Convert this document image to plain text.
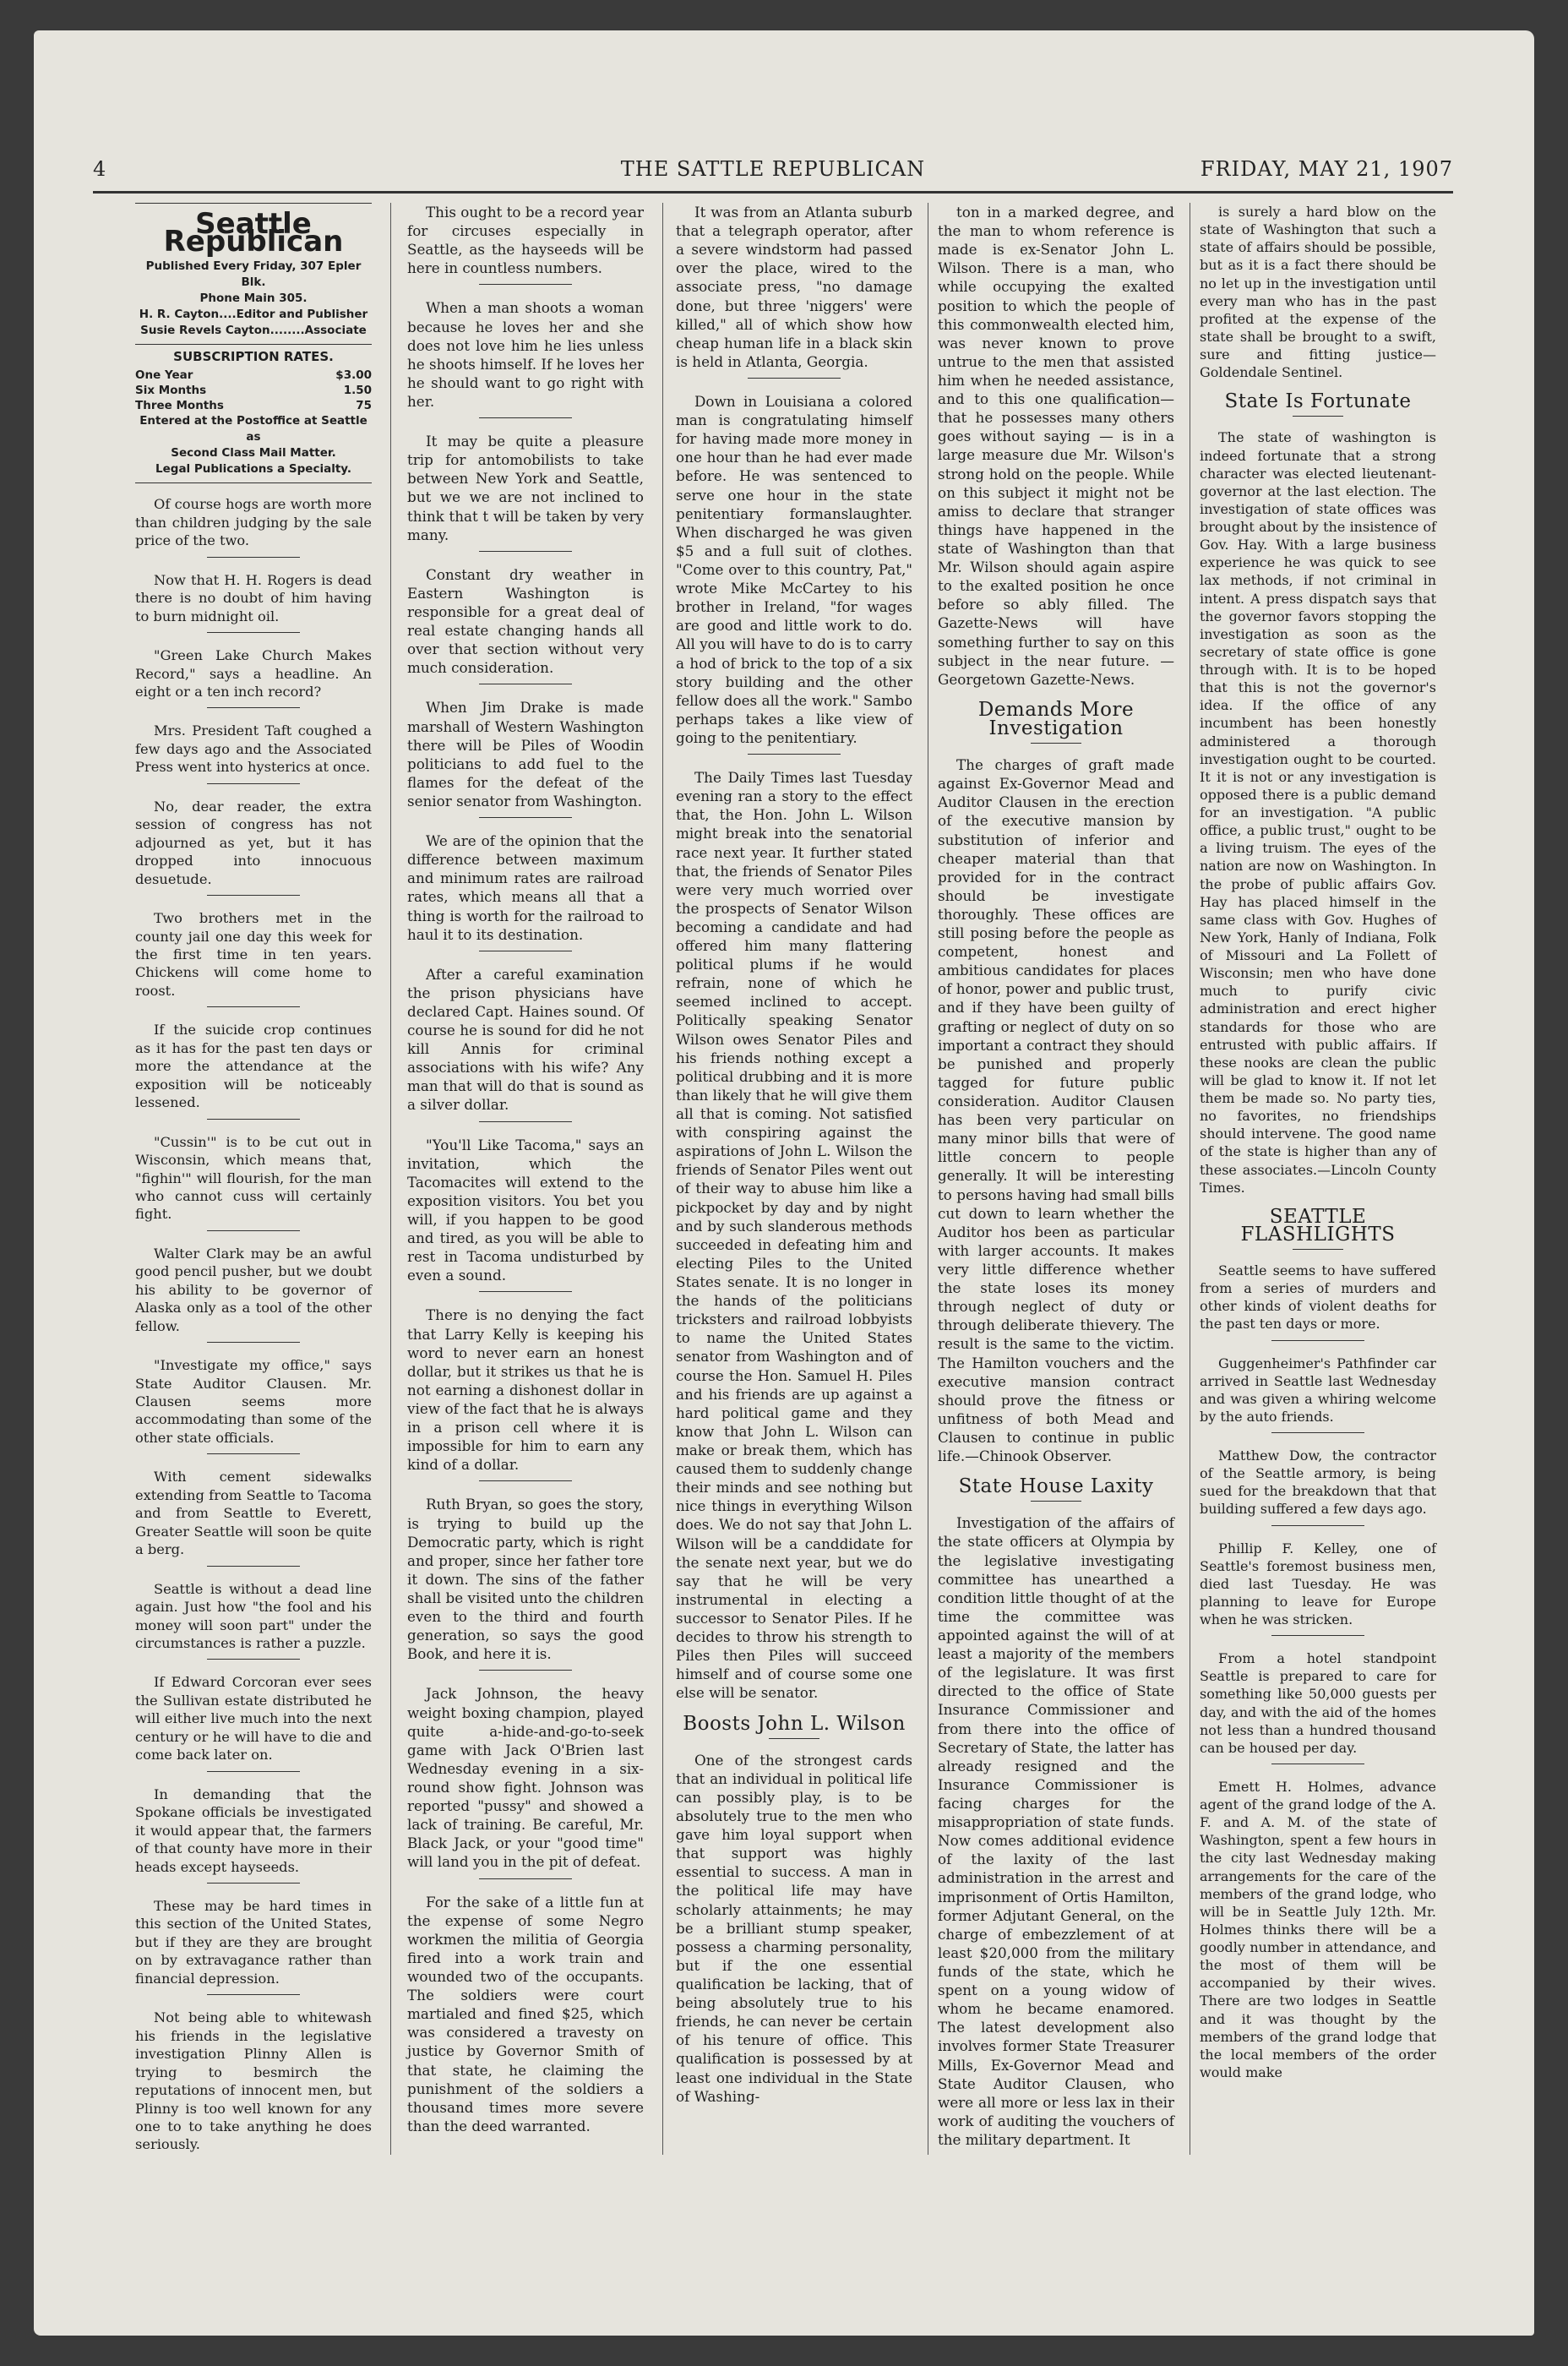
4	THE SATTLE REPUBLICAN	FRIDAY, MAY 21, 1907
Seattle Republican

Published Every Friday, 307 Epler Blk.

Phone Main 305.

H. R. Cayton....Editor and Publisher

Susie Revels Cayton........Associate

SUBSCRIPTION RATES.
One Year	$3.00
Six Months	1.50
Three Months	75

Entered at the Postoffice at Seattle as

Second Class Mail Matter.

Legal Publications a Specialty.

Of course hogs are worth more than children judging by the sale price of the two.

Now that H. H. Rogers is dead there is no doubt of him having to burn midnight oil.

"Green Lake Church Makes Record," says a headline. An eight or a ten inch record?

Mrs. President Taft coughed a few days ago and the Associated Press went into hysterics at once.

No, dear reader, the extra session of congress has not adjourned as yet, but it has dropped into innocuous desuetude.

Two brothers met in the county jail one day this week for the first time in ten years. Chickens will come home to roost.

If the suicide crop continues as it has for the past ten days or more the attendance at the exposition will be noticeably lessened.

"Cussin'" is to be cut out in Wisconsin, which means that, "fighin'" will flourish, for the man who cannot cuss will certainly fight.

Walter Clark may be an awful good pencil pusher, but we doubt his ability to be governor of Alaska only as a tool of the other fellow.

"Investigate my office," says State Auditor Clausen. Mr. Clausen seems more accommodating than some of the other state officials.

With cement sidewalks extending from Seattle to Tacoma and from Seattle to Everett, Greater Seattle will soon be quite a berg.

Seattle is without a dead line again. Just how "the fool and his money will soon part" under the circumstances is rather a puzzle.

If Edward Corcoran ever sees the Sullivan estate distributed he will either live much into the next century or he will have to die and come back later on.

In demanding that the Spokane officials be investigated it would appear that, the farmers of that county have more in their heads except hayseeds.

These may be hard times in this section of the United States, but if they are they are brought on by extravagance rather than financial depression.

Not being able to whitewash his friends in the legislative investigation Plinny Allen is trying to besmirch the reputations of innocent men, but Plinny is too well known for any one to to take anything he does seriously.

This ought to be a record year for circuses especially in Seattle, as the hayseeds will be here in countless numbers.

When a man shoots a woman because he loves her and she does not love him he lies unless he shoots himself. If he loves her he should want to go right with her.

It may be quite a pleasure trip for antomobilists to take between New York and Seattle, but we we are not inclined to think that t will be taken by very many.

Constant dry weather in Eastern Washington is responsible for a great deal of real estate changing hands all over that section without very much consideration.

When Jim Drake is made marshall of Western Washington there will be Piles of Woodin politicians to add fuel to the flames for the defeat of the senior senator from Washington.

We are of the opinion that the difference between maximum and minimum rates are railroad rates, which means all that a thing is worth for the railroad to haul it to its destination.

After a careful examination the prison physicians have declared Capt. Haines sound. Of course he is sound for did he not kill Annis for criminal associations with his wife? Any man that will do that is sound as a silver dollar.

"You'll Like Tacoma," says an invitation, which the Tacomacites will extend to the exposition visitors. You bet you will, if you happen to be good and tired, as you will be able to rest in Tacoma undisturbed by even a sound.

There is no denying the fact that Larry Kelly is keeping his word to never earn an honest dollar, but it strikes us that he is not earning a dishonest dollar in view of the fact that he is always in a prison cell where it is impossible for him to earn any kind of a dollar.

Ruth Bryan, so goes the story, is trying to build up the Democratic party, which is right and proper, since her father tore it down. The sins of the father shall be visited unto the children even to the third and fourth generation, so says the good Book, and here it is.

Jack Johnson, the heavy weight boxing champion, played quite a-hide-and-go-to-seek game with Jack O'Brien last Wednesday evening in a six-round show fight. Johnson was reported "pussy" and showed a lack of training. Be careful, Mr. Black Jack, or your "good time" will land you in the pit of defeat.

For the sake of a little fun at the expense of some Negro workmen the militia of Georgia fired into a work train and wounded two of the occupants. The soldiers were court martialed and fined $25, which was considered a travesty on justice by Governor Smith of that state, he claiming the punishment of the soldiers a thousand times more severe than the deed warranted.

It was from an Atlanta suburb that a telegraph operator, after a severe windstorm had passed over the place, wired to the associate press, "no damage done, but three 'niggers' were killed," all of which show how cheap human life in a black skin is held in Atlanta, Georgia.

Down in Louisiana a colored man is congratulating himself for having made more money in one hour than he had ever made before. He was sentenced to serve one hour in the state penitentiary formanslaughter. When discharged he was given $5 and a full suit of clothes. "Come over to this country, Pat," wrote Mike McCartey to his brother in Ireland, "for wages are good and little work to do. All you will have to do is to carry a hod of brick to the top of a six story building and the other fellow does all the work." Sambo perhaps takes a like view of going to the penitentiary.

The Daily Times last Tuesday evening ran a story to the effect that, the Hon. John L. Wilson might break into the senatorial race next year. It further stated that, the friends of Senator Piles were very much worried over the prospects of Senator Wilson becoming a candidate and had offered him many flattering political plums if he would refrain, none of which he seemed inclined to accept. Politically speaking Senator Wilson owes Senator Piles and his friends nothing except a political drubbing and it is more than likely that he will give them all that is coming. Not satisfied with conspiring against the aspirations of John L. Wilson the friends of Senator Piles went out of their way to abuse him like a pickpocket by day and by night and by such slanderous methods succeeded in defeating him and electing Piles to the United States senate. It is no longer in the hands of the politicians tricksters and railroad lobbyists to name the United States senator from Washington and of course the Hon. Samuel H. Piles and his friends are up against a hard political game and they know that John L. Wilson can make or break them, which has caused them to suddenly change their minds and see nothing but nice things in everything Wilson does. We do not say that John L. Wilson will be a canddidate for the senate next year, but we do say that he will be very instrumental in electing a successor to Senator Piles. If he decides to throw his strength to Piles then Piles will succeed himself and of course some one else will be senator.

Boosts John L. Wilson

One of the strongest cards that an individual in political life can possibly play, is to be absolutely true to the men who gave him loyal support when that support was highly essential to success. A man in the political life may have scholarly attainments; he may be a brilliant stump speaker, possess a charming personality, but if the one essential qualification be lacking, that of being absolutely true to his friends, he can never be certain of his tenure of office. This qualification is possessed by at least one individual in the State of Washing-

ton in a marked degree, and the man to whom reference is made is ex-Senator John L. Wilson. There is a man, who while occupying the exalted position to which the people of this commonwealth elected him, was never known to prove untrue to the men that assisted him when he needed assistance, and to this one qualification—that he possesses many others goes without saying — is in a large measure due Mr. Wilson's strong hold on the people. While on this subject it might not be amiss to declare that stranger things have happened in the state of Washington than that Mr. Wilson should again aspire to the exalted position he once before so ably filled. The Gazette-News will have something further to say on this subject in the near future. — Georgetown Gazette-News.

Demands More Investigation

The charges of graft made against Ex-Governor Mead and Auditor Clausen in the erection of the executive mansion by substitution of inferior and cheaper material than that provided for in the contract should be investigate thoroughly. These offices are still posing before the people as competent, honest and ambitious candidates for places of honor, power and public trust, and if they have been guilty of grafting or neglect of duty on so important a contract they should be punished and properly tagged for future public consideration. Auditor Clausen has been very particular on many minor bills that were of little concern to people generally. It will be interesting to persons having had small bills cut down to learn whether the Auditor hos been as particular with larger accounts. It makes very little difference whether the state loses its money through neglect of duty or through deliberate thievery. The result is the same to the victim. The Hamilton vouchers and the executive mansion contract should prove the fitness or unfitness of both Mead and Clausen to continue in public life.—Chinook Observer.

State House Laxity

Investigation of the affairs of the state officers at Olympia by the legislative investigating committee has unearthed a condition little thought of at the time the committee was appointed against the will of at least a majority of the members of the legislature. It was first directed to the office of State Insurance Commissioner and from there into the office of Secretary of State, the latter has already resigned and the Insurance Commissioner is facing charges for the misappropriation of state funds. Now comes additional evidence of the laxity of the last administration in the arrest and imprisonment of Ortis Hamilton, former Adjutant General, on the charge of embezzlement of at least $20,000 from the military funds of the state, which he spent on a young widow of whom he became enamored. The latest development also involves former State Treasurer Mills, Ex-Governor Mead and State Auditor Clausen, who were all more or less lax in their work of auditing the vouchers of the military department. It

is surely a hard blow on the state of Washington that such a state of affairs should be possible, but as it is a fact there should be no let up in the investigation until every man who has in the past profited at the expense of the state shall be brought to a swift, sure and fitting justice—Goldendale Sentinel.

State Is Fortunate

The state of washington is indeed fortunate that a strong character was elected lieutenant-governor at the last election. The investigation of state offices was brought about by the insistence of Gov. Hay. With a large business experience he was quick to see lax methods, if not criminal in intent. A press dispatch says that the governor favors stopping the investigation as soon as the secretary of state office is gone through with. It is to be hoped that this is not the governor's idea. If the office of any incumbent has been honestly administered a thorough investigation ought to be courted. It it is not or any investigation is opposed there is a public demand for an investigation. "A public office, a public trust," ought to be a living truism. The eyes of the nation are now on Washington. In the probe of public affairs Gov. Hay has placed himself in the same class with Gov. Hughes of New York, Hanly of Indiana, Folk of Missouri and La Follett of Wisconsin; men who have done much to purify civic administration and erect higher standards for those who are entrusted with public affairs. If these nooks are clean the public will be glad to know it. If not let them be made so. No party ties, no favorites, no friendships should intervene. The good name of the state is higher than any of these associates.—Lincoln County Times.

SEATTLE FLASHLIGHTS

Seattle seems to have suffered from a series of murders and other kinds of violent deaths for the past ten days or more.

Guggenheimer's Pathfinder car arrived in Seattle last Wednesday and was given a whiring welcome by the auto friends.

Matthew Dow, the contractor of the Seattle armory, is being sued for the breakdown that that building suffered a few days ago.

Phillip F. Kelley, one of Seattle's foremost business men, died last Tuesday. He was planning to leave for Europe when he was stricken.

From a hotel standpoint Seattle is prepared to care for something like 50,000 guests per day, and with the aid of the homes not less than a hundred thousand can be housed per day.

Emett H. Holmes, advance agent of the grand lodge of the A. F. and A. M. of the state of Washington, spent a few hours in the city last Wednesday making arrangements for the care of the members of the grand lodge, who will be in Seattle July 12th. Mr. Holmes thinks there will be a goodly number in attendance, and the most of them will be accompanied by their wives. There are two lodges in Seattle and it was thought by the members of the grand lodge that the local members of the order would make
